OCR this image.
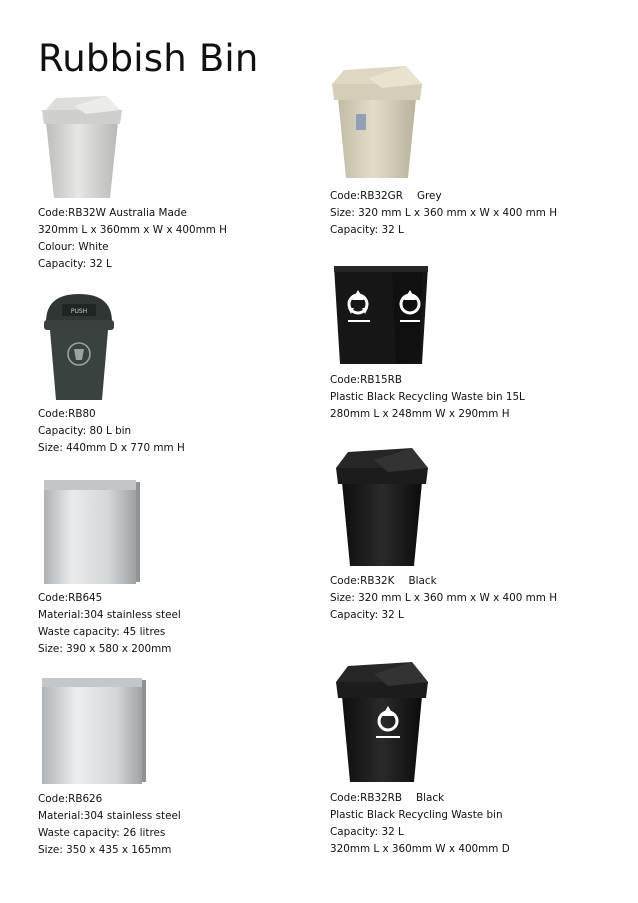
Rubbish Bin
Code:RB32W Australia Made
320mm L x 360mm x W x 400mm H
Colour: White
Capacity: 32 L
PUSH
Code:RB80
Capacity: 80 L bin
Size: 440mm D x 770 mm H
Code:RB645
Material:304 stainless steel
Waste capacity: 45 litres
Size: 390 x 580 x 200mm
Code:RB626
Material:304 stainless steel
Waste capacity: 26 litres
Size: 350 x 435 x 165mm
Code:RB32GR Grey
Size: 320 mm L x 360 mm x W x 400 mm H
Capacity: 32 L
Code:RB15RB
Plastic Black Recycling Waste bin 15L
280mm L x 248mm W x 290mm H
Code:RB32K Black
Size: 320 mm L x 360 mm x W x 400 mm H
Capacity: 32 L
Code:RB32RB Black
Plastic Black Recycling Waste bin
Capacity: 32 L
320mm L x 360mm W x 400mm D
